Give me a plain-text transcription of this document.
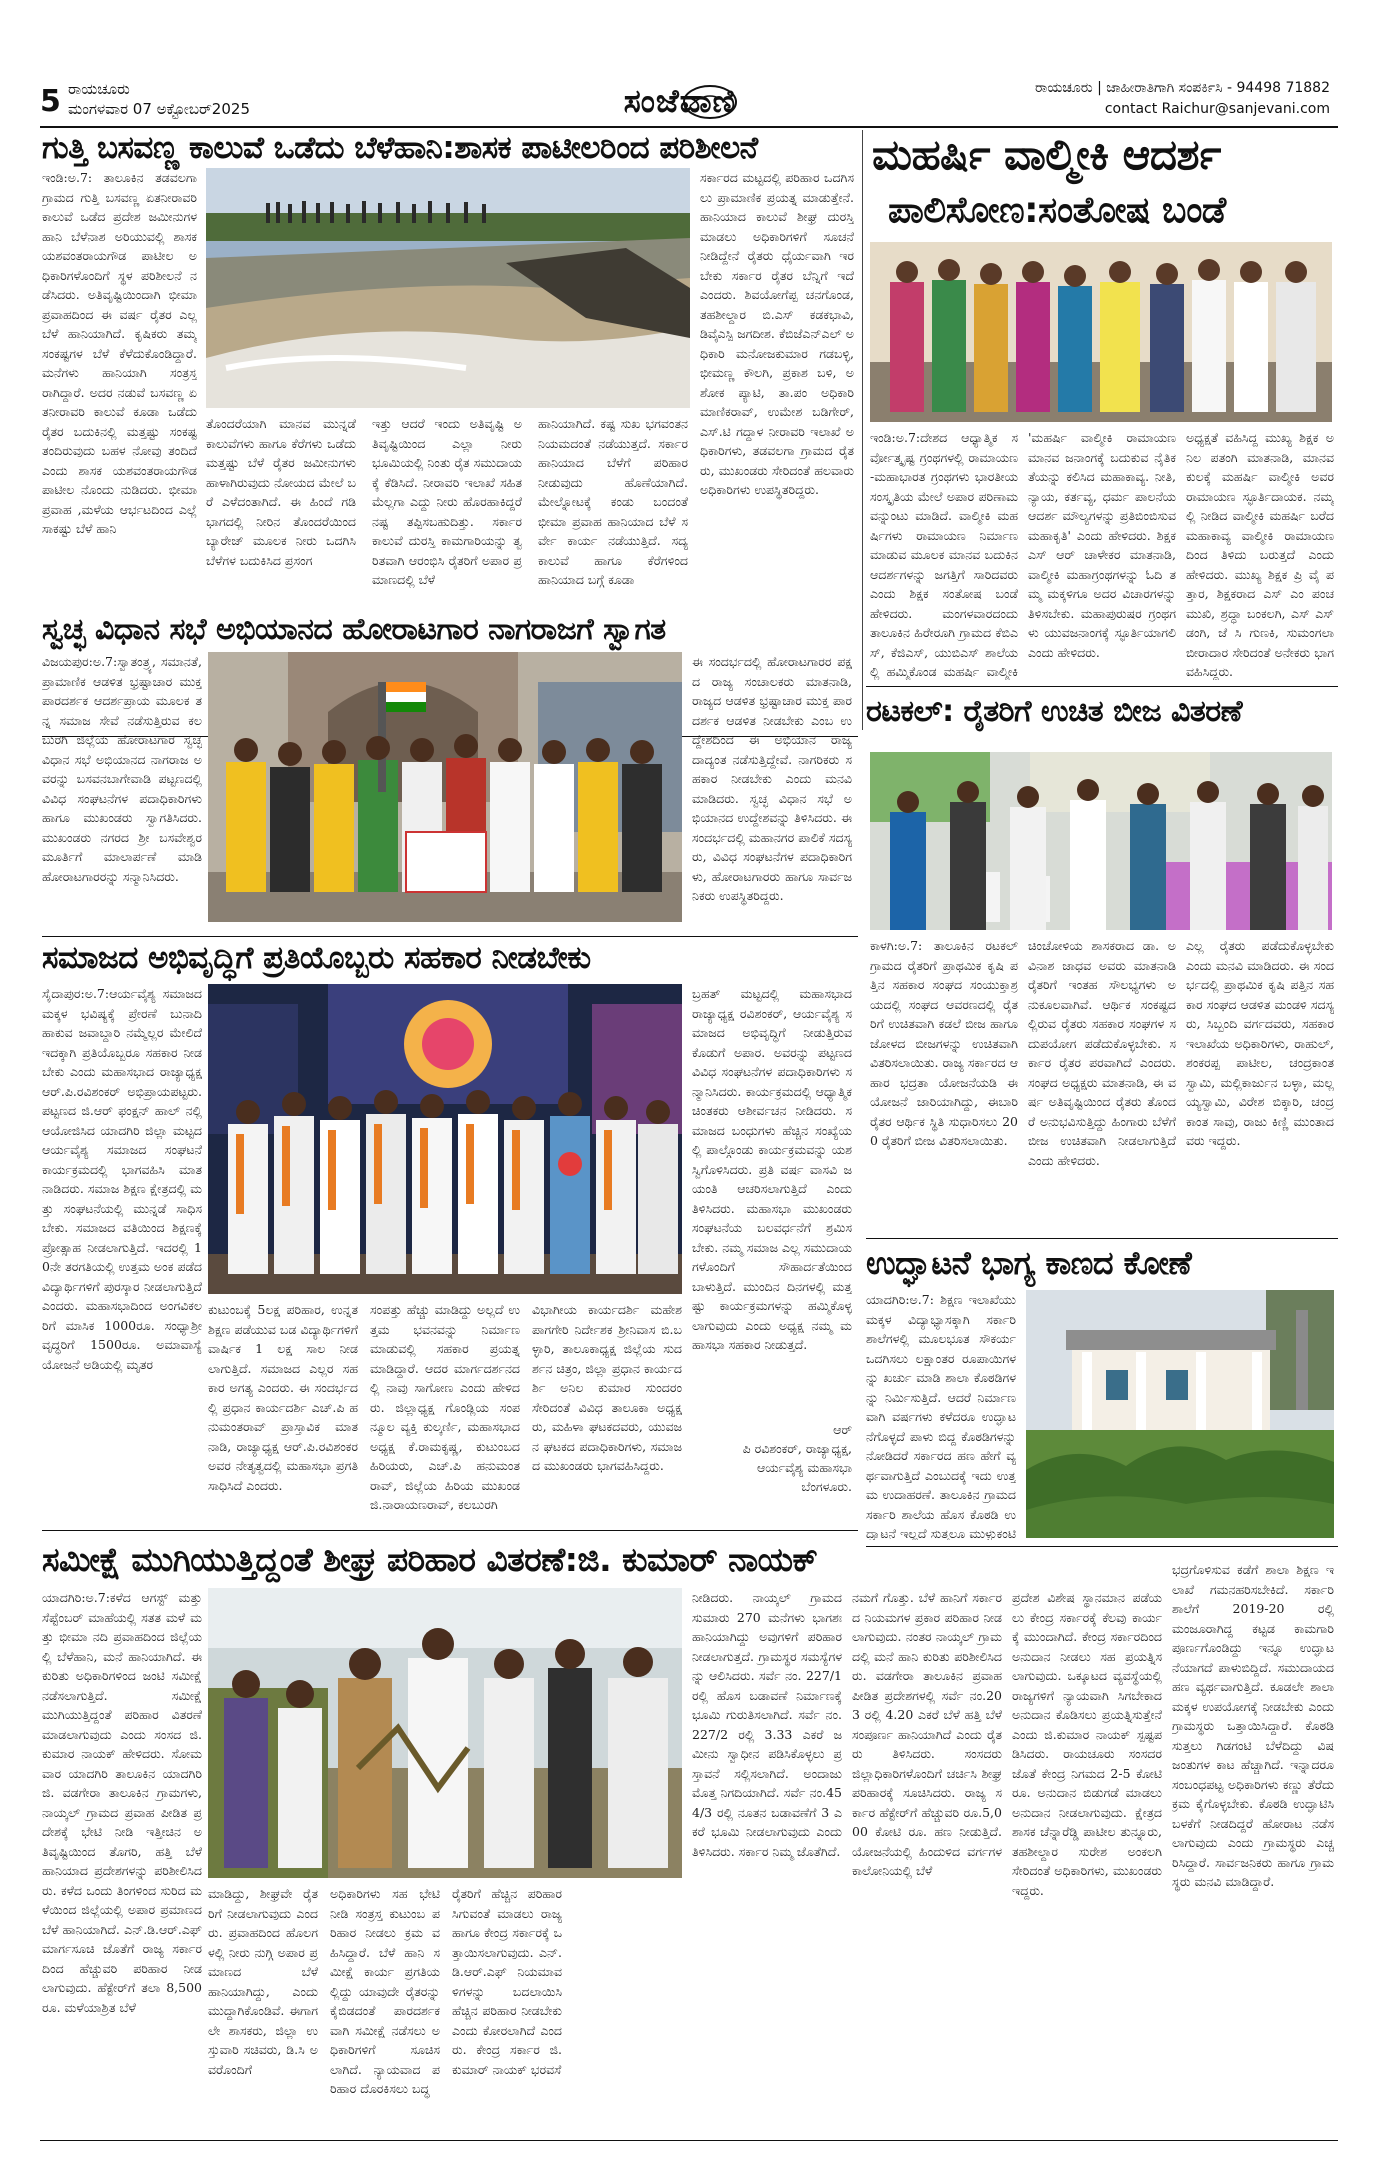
5 ರಾಯಚೂರು
ಮಂಗಳವಾರ 07 ಅಕ್ಟೋಬರ್2025	ಸಂಜೆವಾಣಿ	ರಾಯಚೂರು | ಜಾಹೀರಾತಿಗಾಗಿ ಸಂಪರ್ಕಿಸಿ - 94498 71882
contact Raichur@sanjevani.com
ಗುತ್ತಿ ಬಸವಣ್ಣ ಕಾಲುವೆ ಒಡೆದು ಬೆಳೆಹಾನಿ:ಶಾಸಕ ಪಾಟೀಲರಿಂದ ಪರಿಶೀಲನೆ
ಇಂಡಿ:ಅ.7: ತಾಲೂಕಿನ ತಡವಲಗಾ ಗ್ರಾಮದ ಗುತ್ತಿ ಬಸವಣ್ಣ ಏತನೀರಾವರಿ ಕಾಲುವೆ ಒಡೆದ ಪ್ರದೇಶ ಜಮೀನುಗಳ ಹಾನಿ ಬೆಳೆನಾಶ ಅರಿಯುವಲ್ಲಿ ಶಾಸಕ ಯಶವಂತರಾಯಗೌಡ ಪಾಟೀಲ ಅಧಿಕಾರಿಗಳೊಂದಿಗೆ ಸ್ಥಳ ಪರಿಶೀಲನೆ ನಡೆಸಿದರು. ಅತಿವೃಷ್ಟಿಯಿಂದಾಗಿ ಭೀಮಾ ಪ್ರವಾಹದಿಂದ ಈ ವರ್ಷ ರೈತರ ಎಲ್ಲ ಬೆಳೆ ಹಾನಿಯಾಗಿದೆ. ಕೃಷಿಕರು ತಮ್ಮ ಸಂಕಷ್ಟಗಳ ಬೆಳೆ ಕೆಳೆದುಕೊಂಡಿದ್ದಾರೆ. ಮನೆಗಳು ಹಾನಿಯಾಗಿ ಸಂತ್ರಸ್ತರಾಗಿದ್ದಾರೆ. ಅದರ ನಡುವೆ ಬಸವಣ್ಣ ಏತನೀರಾವರಿ ಕಾಲುವೆ ಕೂಡಾ ಒಡೆದು ರೈತರ ಬದುಕಿನಲ್ಲಿ ಮತ್ತಷ್ಟು ಸಂಕಷ್ಟ ತಂದಿರುವುದು ಬಹಳ ನೋವು ತಂದಿದೆ ಎಂದು ಶಾಸಕ ಯಶವಂತರಾಯಗೌಡ ಪಾಟೀಲ ನೊಂದು ನುಡಿದರು. ಭೀಮಾ ಪ್ರವಾಹ ,ಮಳೆಯ ಆರ್ಭಟದಿಂದ ಎಲ್ಲೆ ಸಾಕಷ್ಟು ಬೆಳೆ ಹಾನಿ
ತೊಂದರೆಯಾಗಿ ಮಾನವ ಮುನ್ನಡೆ ಕಾಲುವೆಗಳು ಹಾಗೂ ಕೆರೆಗಳು ಒಡೆದು ಮತ್ತಷ್ಟು ಬೆಳೆ ರೈತರ ಜಮೀನುಗಳು ಹಾಳಾಗಿರುವುದು ನೋಯದ ಮೇಲೆ ಬರೆ ಎಳೆದಂತಾಗಿದೆ. ಈ ಹಿಂದೆ ಗಡಿ ಭಾಗದಲ್ಲಿ ನೀರಿನ ತೊಂದರೆಯಿಂದ ಬ್ಯಾರೇಜ್ ಮೂಲಕ ನೀರು ಒದಗಿಸಿ ಬೆಳೆಗಳ ಬದುಕಿಸಿದ ಪ್ರಸಂಗ
ಇತ್ತು ಆದರೆ ಇಂದು ಅತಿವೃಷ್ಟಿ ಅತಿವೃಷ್ಟಿಯಿಂದ ಎಲ್ಲಾ ನೀರು ಭೂಮಿಯಲ್ಲಿ ನಿಂತು ರೈತ ಸಮುದಾಯಕ್ಕೆ ಕೆಡಿಸಿದೆ. ನೀರಾವರಿ ಇಲಾಖೆ ಸಹಿತ ಮೆಲ್ಲಗಾ ಎದ್ದು ನೀರು ಹೊರಹಾಕಿದ್ದರೆ ನಷ್ಟ ತಪ್ಪಿಸಬಹುದಿತ್ತು. ಸರ್ಕಾರ ಕಾಲುವೆ ದುರಸ್ತಿ ಕಾಮಗಾರಿಯನ್ನು ತ್ವರಿತವಾಗಿ ಆರಂಭಿಸಿ ರೈತರಿಗೆ ಅಪಾರ ಪ್ರಮಾಣದಲ್ಲಿ ಬೆಳೆ
ಹಾನಿಯಾಗಿದೆ. ಕಷ್ಟ ಸುಖ ಭಗವಂತನ ನಿಯಮದಂತೆ ನಡೆಯುತ್ತದೆ. ಸರ್ಕಾರ ಹಾನಿಯಾದ ಬೆಳೆಗೆ ಪರಿಹಾರ ನೀಡುವುದು ಹೊಣೆಯಾಗಿದೆ. ಮೇಲ್ನೋಟಕ್ಕೆ ಕಂಡು ಬಂದಂತೆ ಭೀಮಾ ಪ್ರವಾಹ ಹಾನಿಯಾದ ಬೆಳೆ ಸರ್ವೇ ಕಾರ್ಯ ನಡೆಯುತ್ತಿದೆ. ಸದ್ಯ ಕಾಲುವೆ ಹಾಗೂ ಕೆರೆಗಳಿಂದ ಹಾನಿಯಾದ ಬಗ್ಗೆ ಕೂಡಾ
ಸರ್ಕಾರದ ಮಟ್ಟದಲ್ಲಿ ಪರಿಹಾರ ಒದಗಿಸಲು ಪ್ರಾಮಾಣಿಕ ಪ್ರಯತ್ನ ಮಾಡುತ್ತೇನೆ. ಹಾನಿಯಾದ ಕಾಲುವೆ ಶೀಘ್ರ ದುರಸ್ತಿ ಮಾಡಲು ಅಧಿಕಾರಿಗಳಿಗೆ ಸೂಚನೆ ನೀಡಿದ್ದೇನೆ ರೈತರು ಧೈರ್ಯವಾಗಿ ಇರಬೇಕು ಸರ್ಕಾರ ರೈತರ ಬೆನ್ನಿಗೆ ಇದೆ ಎಂದರು. ಶಿವಯೋಗೆಪ್ಪ ಚನಗೊಂಡ, ತಹಶೀಲ್ದಾರ ಬಿ.ಎಸ್ ಕಡಕಭಾವಿ, ಡಿವೈಎಸ್ಪಿ ಜಗದೀಶ. ಕೆಬಿಜೆಎನ್ಎಲ್ ಅಧಿಕಾರಿ ಮನೋಜಕುಮಾರ ಗಡಬಳ್ಳಿ, ಭೀಮಣ್ಣ ಕೌಲಗಿ, ಪ್ರಕಾಶ ಬಳಿ, ಅಶೋಕ ಪ್ಯಾಟಿ, ತಾ.ಪಂ ಅಧಿಕಾರಿ ಮಾಣಿಕರಾವ್, ಉಮೇಶ ಬಡಿಗೇರ್, ಎಸ್.ಟಿ ಗದ್ದಾಳ ನೀರಾವರಿ ಇಲಾಖೆ ಅಧಿಕಾರಿಗಳು, ತಡವಲಗಾ ಗ್ರಾಮದ ರೈತರು, ಮುಖಂಡರು ಸೇರಿದಂತೆ ಹಲವಾರು ಅಧಿಕಾರಿಗಳು ಉಪಸ್ಥಿತರಿದ್ದರು.
ಮಹರ್ಷಿ ವಾಲ್ಮೀಕಿ ಆದರ್ಶ
ಪಾಲಿಸೋಣ:ಸಂತೋಷ ಬಂಡೆ
ಇಂಡಿ:ಅ.7:ದೇಶದ ಆಧ್ಯಾತ್ಮಿಕ ಸರ್ವೋತ್ಕೃಷ್ಟ ಗ್ರಂಥಗಳಲ್ಲಿ ರಾಮಾಯಣ-ಮಹಾಭಾರತ ಗ್ರಂಥಗಳು ಭಾರತೀಯ ಸಂಸ್ಕೃತಿಯ ಮೇಲೆ ಅಪಾರ ಪರಿಣಾಮವನ್ನುಂಟು ಮಾಡಿದೆ. ವಾಲ್ಮೀಕಿ ಮಹರ್ಷಿಗಳು ರಾಮಾಯಣ ನಿರ್ಮಾಣ ಮಾಡುವ ಮೂಲಕ ಮಾನವ ಬದುಕಿನ ಆದರ್ಶಗಳನ್ನು ಜಗತ್ತಿಗೆ ಸಾರಿದವರು ಎಂದು ಶಿಕ್ಷಕ ಸಂತೋಷ ಬಂಡೆ ಹೇಳಿದರು. ಮಂಗಳವಾರದಂದು ತಾಲೂಕಿನ ಹಿರೇರೂಗಿ ಗ್ರಾಮದ ಕೆಬಿಎಸ್, ಕೆಜಿಎಸ್, ಯುಬಿಎಸ್ ಶಾಲೆಯಲ್ಲಿ ಹಮ್ಮಿಕೊಂಡ ಮಹರ್ಷಿ ವಾಲ್ಮೀಕಿ
'ಮಹರ್ಷಿ ವಾಲ್ಮೀಕಿ ರಾಮಾಯಣ ಮಾನವ ಜನಾಂಗಕ್ಕೆ ಬದುಕುವ ನೈತಿಕತೆಯನ್ನು ಕಲಿಸಿದ ಮಹಾಕಾವ್ಯ. ನೀತಿ, ನ್ಯಾಯ, ಕರ್ತವ್ಯ, ಧರ್ಮ ಪಾಲನೆಯ ಆದರ್ಶ ಮೌಲ್ಯಗಳನ್ನು ಪ್ರತಿಬಿಂಬಿಸುವ ಮಹಾಕೃತಿ' ಎಂದು ಹೇಳಿದರು. ಶಿಕ್ಷಕ ಎಸ್ ಆರ್ ಚಾಳೇಕರ ಮಾತನಾಡಿ, ವಾಲ್ಮೀಕಿ ಮಹಾಗ್ರಂಥಗಳನ್ನು ಓದಿ ತಮ್ಮ ಮಕ್ಕಳಿಗೂ ಅದರ ವಿಚಾರಗಳನ್ನು ತಿಳಿಸಬೇಕು. ಮಹಾಪುರುಷರ ಗ್ರಂಥಗಳು ಯುವಜನಾಂಗಕ್ಕೆ ಸ್ಫೂರ್ತಿಯಾಗಲಿ ಎಂದು ಹೇಳಿದರು.
ಅಧ್ಯಕ್ಷತೆ ವಹಿಸಿದ್ದ ಮುಖ್ಯ ಶಿಕ್ಷಕ ಅನಿಲ ಪತಂಗಿ ಮಾತನಾಡಿ, ಮಾನವ ಕುಲಕ್ಕೆ ಮಹರ್ಷಿ ವಾಲ್ಮೀಕಿ ಅವರ ರಾಮಾಯಣ ಸ್ಫೂರ್ತಿದಾಯಕ. ನಮ್ಮಲ್ಲಿ ನೀಡಿದ ವಾಲ್ಮೀಕಿ ಮಹರ್ಷಿ ಬರೆದ ಮಹಾಕಾವ್ಯ ವಾಲ್ಮೀಕಿ ರಾಮಾಯಣದಿಂದ ತಿಳಿದು ಬರುತ್ತದೆ ಎಂದು ಹೇಳಿದರು. ಮುಖ್ಯ ಶಿಕ್ಷಕ ಪ್ರಿ ವೈ ಪತ್ತಾರ, ಶಿಕ್ಷಕರಾದ ಎಸ್ ಎಂ ಪಂಚಮುಖಿ, ಶ್ರದ್ಧಾ ಬಂಕಲಗಿ, ಎಸ್ ಎಸ್ ಡಂಗಿ, ಜೆ ಸಿ ಗುಣಕಿ, ಸುಮಂಗಲಾ ಬೀರಾದಾರ ಸೇರಿದಂತೆ ಅನೇಕರು ಭಾಗವಹಿಸಿದ್ದರು.
ಸ್ವಚ್ಛ ವಿಧಾನ ಸಭೆ ಅಭಿಯಾನದ ಹೋರಾಟಗಾರ ನಾಗರಾಜಗೆ ಸ್ವಾಗತ
ವಿಜಯಪುರ:ಅ.7:ಸ್ವಾತಂತ್ರ್ಯ, ಸಮಾನತೆ, ಪ್ರಾಮಾಣಿಕ ಆಡಳಿತ ಭ್ರಷ್ಟಾಚಾರ ಮುಕ್ತ ಪಾರದರ್ಶಕ ಆದರ್ಶಪ್ರಾಯ ಮೂಲಕ ತನ್ನ ಸಮಾಜ ಸೇವೆ ನಡೆಸುತ್ತಿರುವ ಕಲಬುರಗಿ ಜಿಲ್ಲೆಯ ಹೋರಾಟಗಾರ ಸ್ವಚ್ಛ ವಿಧಾನ ಸಭೆ ಅಭಿಯಾನದ ನಾಗರಾಜ ಅವರನ್ನು ಬಸವನಬಾಗೇವಾಡಿ ಪಟ್ಟಣದಲ್ಲಿ ವಿವಿಧ ಸಂಘಟನೆಗಳ ಪದಾಧಿಕಾರಿಗಳು ಹಾಗೂ ಮುಖಂಡರು ಸ್ವಾಗತಿಸಿದರು. ಮುಖಂಡರು ನಗರದ ಶ್ರೀ ಬಸವೇಶ್ವರ ಮೂರ್ತಿಗೆ ಮಾಲಾರ್ಪಣೆ ಮಾಡಿ ಹೋರಾಟಗಾರರನ್ನು ಸನ್ಮಾನಿಸಿದರು.
ಈ ಸಂದರ್ಭದಲ್ಲಿ ಹೋರಾಟಗಾರರ ಪಕ್ಷದ ರಾಜ್ಯ ಸಂಚಾಲಕರು ಮಾತನಾಡಿ, ರಾಜ್ಯದ ಆಡಳಿತ ಭ್ರಷ್ಟಾಚಾರ ಮುಕ್ತ ಪಾರದರ್ಶಕ ಆಡಳಿತ ನೀಡಬೇಕು ಎಂಬ ಉದ್ದೇಶದಿಂದ ಈ ಅಭಿಯಾನ ರಾಜ್ಯದಾದ್ಯಂತ ನಡೆಸುತ್ತಿದ್ದೇವೆ. ನಾಗರಿಕರು ಸಹಕಾರ ನೀಡಬೇಕು ಎಂದು ಮನವಿ ಮಾಡಿದರು. ಸ್ವಚ್ಛ ವಿಧಾನ ಸಭೆ ಅಭಿಯಾನದ ಉದ್ದೇಶವನ್ನು ತಿಳಿಸಿದರು. ಈ ಸಂದರ್ಭದಲ್ಲಿ ಮಹಾನಗರ ಪಾಲಿಕೆ ಸದಸ್ಯರು, ವಿವಿಧ ಸಂಘಟನೆಗಳ ಪದಾಧಿಕಾರಿಗಳು, ಹೋರಾಟಗಾರರು ಹಾಗೂ ಸಾರ್ವಜನಿಕರು ಉಪಸ್ಥಿತರಿದ್ದರು.
ರಟಕಲ್: ರೈತರಿಗೆ ಉಚಿತ ಬೀಜ ವಿತರಣೆ
ಕಾಳಗಿ:ಅ.7: ತಾಲೂಕಿನ ರಟಕಲ್ ಗ್ರಾಮದ ರೈತರಿಗೆ ಪ್ರಾಥಮಿಕ ಕೃಷಿ ಪತ್ತಿನ ಸಹಕಾರ ಸಂಘದ ಸಂಯುಕ್ತಾಶ್ರಯದಲ್ಲಿ ಸಂಘದ ಆವರಣದಲ್ಲಿ ರೈತರಿಗೆ ಉಚಿತವಾಗಿ ಕಡಲೆ ಬೀಜ ಹಾಗೂ ಜೋಳದ ಬೀಜಗಳನ್ನು ಉಚಿತವಾಗಿ ವಿತರಿಸಲಾಯಿತು. ರಾಜ್ಯ ಸರ್ಕಾರದ ಆಹಾರ ಭದ್ರತಾ ಯೋಜನೆಯಡಿ ಈ ಯೋಜನೆ ಜಾರಿಯಾಗಿದ್ದು, ಈಬಾರಿ ರೈತರ ಆರ್ಥಿಕ ಸ್ಥಿತಿ ಸುಧಾರಿಸಲು 200 ರೈತರಿಗೆ ಬೀಜ ವಿತರಿಸಲಾಯಿತು.
ಚಿಂಚೋಳಿಯ ಶಾಸಕರಾದ ಡಾ. ಅವಿನಾಶ ಜಾಧವ ಅವರು ಮಾತನಾಡಿ ರೈತರಿಗೆ ಇಂತಹ ಸೌಲಭ್ಯಗಳು ಅನುಕೂಲವಾಗಿವೆ. ಆರ್ಥಿಕ ಸಂಕಷ್ಟದಲ್ಲಿರುವ ರೈತರು ಸಹಕಾರ ಸಂಘಗಳ ಸದುಪಯೋಗ ಪಡೆದುಕೊಳ್ಳಬೇಕು. ಸರ್ಕಾರ ರೈತರ ಪರವಾಗಿದೆ ಎಂದರು. ಸಂಘದ ಅಧ್ಯಕ್ಷರು ಮಾತನಾಡಿ, ಈ ವರ್ಷ ಅತಿವೃಷ್ಟಿಯಿಂದ ರೈತರು ತೊಂದರೆ ಅನುಭವಿಸುತ್ತಿದ್ದು ಹಿಂಗಾರು ಬೆಳೆಗೆ ಬೀಜ ಉಚಿತವಾಗಿ ನೀಡಲಾಗುತ್ತಿದೆ ಎಂದು ಹೇಳಿದರು.
ಎಲ್ಲ ರೈತರು ಪಡೆದುಕೊಳ್ಳಬೇಕು ಎಂದು ಮನವಿ ಮಾಡಿದರು. ಈ ಸಂದರ್ಭದಲ್ಲಿ ಪ್ರಾಥಮಿಕ ಕೃಷಿ ಪತ್ತಿನ ಸಹಕಾರ ಸಂಘದ ಆಡಳಿತ ಮಂಡಳಿ ಸದಸ್ಯರು, ಸಿಬ್ಬಂದಿ ವರ್ಗದವರು, ಸಹಕಾರ ಇಲಾಖೆಯ ಅಧಿಕಾರಿಗಳು, ರಾಹುಲ್, ಶಂಕರಪ್ಪ ಪಾಟೀಲ, ಚಂದ್ರಕಾಂತ ಸ್ವಾಮಿ, ಮಲ್ಲಿಕಾರ್ಜುನ ಬಳ್ಳಾ, ಮಲ್ಲಯ್ಯಸ್ವಾಮಿ, ವಿರೇಶ ಬಿಕ್ಕಾರಿ, ಚಂದ್ರಕಾಂತ ಸಾವು, ರಾಜು ಕಿಣ್ಣಿ ಮುಂತಾದವರು ಇದ್ದರು.
ಸಮಾಜದ ಅಭಿವೃದ್ಧಿಗೆ ಪ್ರತಿಯೊಬ್ಬರು ಸಹಕಾರ ನೀಡಬೇಕು
ಸೈದಾಪುರ:ಅ.7:ಆರ್ಯವೈಶ್ಯ ಸಮಾಜದ ಮಕ್ಕಳ ಭವಿಷ್ಯಕ್ಕೆ ಪ್ರೇರಣೆ ಬುನಾದಿ ಹಾಕುವ ಜವಾಬ್ದಾರಿ ನಮ್ಮೆಲ್ಲರ ಮೇಲಿದೆ ಇದಕ್ಕಾಗಿ ಪ್ರತಿಯೊಬ್ಬರೂ ಸಹಕಾರ ನೀಡಬೇಕು ಎಂದು ಮಹಾಸಭಾದ ರಾಜ್ಯಾಧ್ಯಕ್ಷ ಆರ್.ಪಿ.ರವಿಶಂಕರ್ ಅಭಿಪ್ರಾಯಪಟ್ಟರು. ಪಟ್ಟಣದ ಜಿ.ಆರ್ ಫಂಕ್ಷನ್ ಹಾಲ್ ನಲ್ಲಿ ಆಯೋಜಿಸಿದ ಯಾದಗಿರಿ ಜಿಲ್ಲಾ ಮಟ್ಟದ ಆರ್ಯವೈಶ್ಯ ಸಮಾಜದ ಸಂಘಟನೆ ಕಾರ್ಯಕ್ರಮದಲ್ಲಿ ಭಾಗವಹಿಸಿ ಮಾತನಾಡಿದರು. ಸಮಾಜ ಶಿಕ್ಷಣ ಕ್ಷೇತ್ರದಲ್ಲಿ ಮತ್ತು ಸಂಘಟನೆಯಲ್ಲಿ ಮುನ್ನಡೆ ಸಾಧಿಸಬೇಕು. ಸಮಾಜದ ವತಿಯಿಂದ ಶಿಕ್ಷಣಕ್ಕೆ ಪ್ರೋತ್ಸಾಹ ನೀಡಲಾಗುತ್ತಿದೆ. ಇದರಲ್ಲಿ 10ನೇ ತರಗತಿಯಲ್ಲಿ ಉತ್ತಮ ಅಂಕ ಪಡೆದ ವಿದ್ಯಾರ್ಥಿಗಳಿಗೆ ಪುರಸ್ಕಾರ ನೀಡಲಾಗುತ್ತಿದೆ ಎಂದರು. ಮಹಾಸಭಾದಿಂದ ಅಂಗವಿಕಲರಿಗೆ ಮಾಸಿಕ 1000ರೂ. ಸಂಧ್ಯಾಶ್ರೀ ವೃದ್ಧರಿಗೆ 1500ರೂ. ಅಮಾವಾಸ್ಯೆ ಯೋಜನೆ ಅಡಿಯಲ್ಲಿ ಮೃತರ
ಕುಟುಂಬಕ್ಕೆ 5ಲಕ್ಷ ಪರಿಹಾರ, ಉನ್ನತ ಶಿಕ್ಷಣ ಪಡೆಯುವ ಬಡ ವಿದ್ಯಾರ್ಥಿಗಳಿಗೆ ವಾರ್ಷಿಕ 1 ಲಕ್ಷ ಸಾಲ ನೀಡಲಾಗುತ್ತಿದೆ. ಸಮಾಜದ ಎಲ್ಲರ ಸಹಕಾರ ಅಗತ್ಯ ಎಂದರು. ಈ ಸಂದರ್ಭದಲ್ಲಿ ಪ್ರಧಾನ ಕಾರ್ಯದರ್ಶಿ ಎಚ್.ಪಿ ಹನುಮಂತರಾವ್ ಪ್ರಾಸ್ತಾವಿಕ ಮಾತನಾಡಿ, ರಾಜ್ಯಾಧ್ಯಕ್ಷ ಆರ್.ಪಿ.ರವಿಶಂಕರ ಅವರ ನೇತೃತ್ವದಲ್ಲಿ ಮಹಾಸಭಾ ಪ್ರಗತಿ ಸಾಧಿಸಿದೆ ಎಂದರು.
ಸಂಪತ್ತು ಹೆಚ್ಚು ಮಾಡಿದ್ದು ಅಲ್ಲದೆ ಉತ್ತಮ ಭವನವನ್ನು ನಿರ್ಮಾಣ ಮಾಡುವಲ್ಲಿ ಸಹಕಾರ ಪ್ರಯತ್ನ ಮಾಡಿದ್ದಾರೆ. ಆದರ ಮಾರ್ಗದರ್ಶನದಲ್ಲಿ ನಾವು ಸಾಗೋಣ ಎಂದು ಹೇಳಿದರು. ಜಿಲ್ಲಾಧ್ಯಕ್ಷ ಗೊಂಡ್ಲಿಯ ಸಂಪನ್ಮೂಲ ವ್ಯಕ್ತಿ ಕುಲ್ಕರ್ಣಿ, ಮಹಾಸಭಾದ ಅಧ್ಯಕ್ಷ ಕೆ.ರಾಮಕೃಷ್ಣ, ಕುಟುಂಬದ ಹಿರಿಯರು, ಎಚ್.ಪಿ ಹನುಮಂತರಾವ್, ಜಿಲ್ಲೆಯ ಹಿರಿಯ ಮುಖಂಡ ಜಿ.ನಾರಾಯಣರಾವ್, ಕಲಬುರಗಿ
ವಿಭಾಗೀಯ ಕಾರ್ಯದರ್ಶಿ ಮಹೇಶ ಪಾಗಗೇರಿ ನಿರ್ದೇಶಕ ಶ್ರೀನಿವಾಸ ಬಿ.ಬಳ್ಳಾರಿ, ತಾಲೂಕಾಧ್ಯಕ್ಷ ಜಿಲ್ಲೆಯ ಸುದರ್ಶನ ಚಿತ್ರಂ, ಜಿಲ್ಲಾ ಪ್ರಧಾನ ಕಾರ್ಯದರ್ಶಿ ಅನಿಲ ಕುಮಾರ ಸುಂದರಂ ಸೇರಿದಂತೆ ವಿವಿಧ ತಾಲೂಕಾ ಅಧ್ಯಕ್ಷರು, ಮಹಿಳಾ ಘಟಕದವರು, ಯುವಜನ ಘಟಕದ ಪದಾಧಿಕಾರಿಗಳು, ಸಮಾಜದ ಮುಖಂಡರು ಭಾಗವಹಿಸಿದ್ದರು.
ಬ್ರಹತ್ ಮಟ್ಟದಲ್ಲಿ ಮಹಾಸಭಾದ ರಾಜ್ಯಾಧ್ಯಕ್ಷ ರವಿಶಂಕರ್, ಆರ್ಯವೈಶ್ಯ ಸಮಾಜದ ಅಭಿವೃದ್ಧಿಗೆ ನೀಡುತ್ತಿರುವ ಕೊಡುಗೆ ಅಪಾರ. ಅವರನ್ನು ಪಟ್ಟಣದ ವಿವಿಧ ಸಂಘಟನೆಗಳ ಪದಾಧಿಕಾರಿಗಳು ಸನ್ಮಾನಿಸಿದರು. ಕಾರ್ಯಕ್ರಮದಲ್ಲಿ ಆಧ್ಯಾತ್ಮಿಕ ಚಿಂತಕರು ಆಶೀರ್ವಚನ ನೀಡಿದರು. ಸಮಾಜದ ಬಂಧುಗಳು ಹೆಚ್ಚಿನ ಸಂಖ್ಯೆಯಲ್ಲಿ ಪಾಲ್ಗೊಂಡು ಕಾರ್ಯಕ್ರಮವನ್ನು ಯಶಸ್ವಿಗೊಳಿಸಿದರು. ಪ್ರತಿ ವರ್ಷ ವಾಸವಿ ಜಯಂತಿ ಆಚರಿಸಲಾಗುತ್ತಿದೆ ಎಂದು ತಿಳಿಸಿದರು. ಮಹಾಸಭಾ ಮುಖಂಡರು ಸಂಘಟನೆಯ ಬಲವರ್ಧನೆಗೆ ಶ್ರಮಿಸಬೇಕು. ನಮ್ಮ ಸಮಾಜ ಎಲ್ಲ ಸಮುದಾಯಗಳೊಂದಿಗೆ ಸೌಹಾರ್ದತೆಯಿಂದ ಬಾಳುತ್ತಿದೆ. ಮುಂದಿನ ದಿನಗಳಲ್ಲಿ ಮತ್ತಷ್ಟು ಕಾರ್ಯಕ್ರಮಗಳನ್ನು ಹಮ್ಮಿಕೊಳ್ಳಲಾಗುವುದು ಎಂದು ಅಧ್ಯಕ್ಷ ನಮ್ಮ ಮಹಾಸಭಾ ಸಹಕಾರ ನೀಡುತ್ತದೆ.
ಆರ್
ಪಿ ರವಿಶಂಕರ್, ರಾಜ್ಯಾಧ್ಯಕ್ಷ,
ಆರ್ಯವೈಶ್ಯ ಮಹಾಸಭಾ
ಬೆಂಗಳೂರು.
ಉದ್ಘಾಟನೆ ಭಾಗ್ಯ ಕಾಣದ ಕೋಣೆ
ಯಾದಗಿರಿ:ಅ.7: ಶಿಕ್ಷಣ ಇಲಾಖೆಯು ಮಕ್ಕಳ ವಿದ್ಯಾಭ್ಯಾಸಕ್ಕಾಗಿ ಸರ್ಕಾರಿ ಶಾಲೆಗಳಲ್ಲಿ ಮೂಲಭೂತ ಸೌಕರ್ಯ ಒದಗಿಸಲು ಲಕ್ಷಾಂತರ ರೂಪಾಯಿಗಳನ್ನು ಖರ್ಚು ಮಾಡಿ ಶಾಲಾ ಕೊಠಡಿಗಳನ್ನು ನಿರ್ಮಿಸುತ್ತಿದೆ. ಆದರೆ ನಿರ್ಮಾಣವಾಗಿ ವರ್ಷಗಳು ಕಳೆದರೂ ಉದ್ಘಾಟನೆಗೊಳ್ಳದೆ ಪಾಳು ಬಿದ್ದ ಕೊಠಡಿಗಳನ್ನು ನೋಡಿದರೆ ಸರ್ಕಾರದ ಹಣ ಹೇಗೆ ವ್ಯರ್ಥವಾಗುತ್ತಿದೆ ಎಂಬುದಕ್ಕೆ ಇದು ಉತ್ತಮ ಉದಾಹರಣೆ. ತಾಲೂಕಿನ ಗ್ರಾಮದ ಸರ್ಕಾರಿ ಶಾಲೆಯ ಹೊಸ ಕೊಠಡಿ ಉದ್ಘಾಟನೆ ಇಲ್ಲದೆ ಸುತ್ತಲೂ ಮುಳ್ಳುಕಂಟಿ
ಸಮೀಕ್ಷೆ ಮುಗಿಯುತ್ತಿದ್ದಂತೆ ಶೀಘ್ರ ಪರಿಹಾರ ವಿತರಣೆ:ಜಿ. ಕುಮಾರ್ ನಾಯಕ್
ಯಾದಗಿರಿ:ಅ.7:ಕಳೆದ ಆಗಸ್ಟ್ ಮತ್ತು ಸೆಪ್ಟೆಂಬರ್ ಮಾಹೆಯಲ್ಲಿ ಸತತ ಮಳೆ ಮತ್ತು ಭೀಮಾ ನದಿ ಪ್ರವಾಹದಿಂದ ಜಿಲ್ಲೆಯಲ್ಲಿ ಬೆಳೆಹಾನಿ, ಮನೆ ಹಾನಿಯಾಗಿದೆ. ಈ ಕುರಿತು ಅಧಿಕಾರಿಗಳಿಂದ ಜಂಟಿ ಸಮೀಕ್ಷೆ ನಡೆಸಲಾಗುತ್ತಿದೆ. ಸಮೀಕ್ಷೆ ಮುಗಿಯುತ್ತಿದ್ದಂತೆ ಪರಿಹಾರ ವಿತರಣೆ ಮಾಡಲಾಗುವುದು ಎಂದು ಸಂಸದ ಜಿ.ಕುಮಾರ ನಾಯಕ್ ಹೇಳಿದರು. ಸೋಮವಾರ ಯಾದಗಿರಿ ತಾಲೂಕಿನ ಯಾದಗಿರಿ ಜಿ. ವಡಗೇರಾ ತಾಲೂಕಿನ ಗ್ರಾಮಗಳು, ನಾಯ್ಕಲ್ ಗ್ರಾಮದ ಪ್ರವಾಹ ಪೀಡಿತ ಪ್ರದೇಶಕ್ಕೆ ಭೇಟಿ ನೀಡಿ ಇತ್ತೀಚಿನ ಅತಿವೃಷ್ಟಿಯಿಂದ ತೊಗರಿ, ಹತ್ತಿ ಬೆಳೆ ಹಾನಿಯಾದ ಪ್ರದೇಶಗಳನ್ನು ಪರಿಶೀಲಿಸಿದರು. ಕಳೆದ ಒಂದು ತಿಂಗಳಿಂದ ಸುರಿದ ಮಳೆಯಿಂದ ಜಿಲ್ಲೆಯಲ್ಲಿ ಅಪಾರ ಪ್ರಮಾಣದ ಬೆಳೆ ಹಾನಿಯಾಗಿದೆ. ಎನ್.ಡಿ.ಆರ್.ಎಫ್ ಮಾರ್ಗಸೂಚಿ ಜೊತೆಗೆ ರಾಜ್ಯ ಸರ್ಕಾರದಿಂದ ಹೆಚ್ಚುವರಿ ಪರಿಹಾರ ನೀಡಲಾಗುವುದು. ಹೆಕ್ಟೇರ್‌ಗೆ ತಲಾ 8,500 ರೂ. ಮಳೆಯಾಶ್ರಿತ ಬೆಳೆ
ಮಾಡಿದ್ದು, ಶೀಘ್ರವೇ ರೈತರಿಗೆ ನೀಡಲಾಗುವುದು ಎಂದರು. ಪ್ರವಾಹದಿಂದ ಹೊಲಗಳಲ್ಲಿ ನೀರು ನುಗ್ಗಿ ಅಪಾರ ಪ್ರಮಾಣದ ಬೆಳೆ ಹಾನಿಯಾಗಿದ್ದು, ಎಂದು ಮುದ್ದಾಗಿಕೊಂಡಿವೆ. ಈಗಾಗಲೇ ಶಾಸಕರು, ಜಿಲ್ಲಾ ಉಸ್ತುವಾರಿ ಸಚಿವರು, ಡಿ.ಸಿ ಅವರೊಂದಿಗೆ
ಅಧಿಕಾರಿಗಳು ಸಹ ಭೇಟಿ ನೀಡಿ ಸಂತ್ರಸ್ತ ಕುಟುಂಬ ಪರಿಹಾರ ನೀಡಲು ಕ್ರಮ ವಹಿಸಿದ್ದಾರೆ. ಬೆಳೆ ಹಾನಿ ಸಮೀಕ್ಷೆ ಕಾರ್ಯ ಪ್ರಗತಿಯಲ್ಲಿದ್ದು ಯಾವುದೇ ರೈತರನ್ನು ಕೈಬಿಡದಂತೆ ಪಾರದರ್ಶಕವಾಗಿ ಸಮೀಕ್ಷೆ ನಡೆಸಲು ಅಧಿಕಾರಿಗಳಿಗೆ ಸೂಚಿಸಲಾಗಿದೆ. ನ್ಯಾಯವಾದ ಪರಿಹಾರ ದೊರಕಿಸಲು ಬದ್ಧ
ರೈತರಿಗೆ ಹೆಚ್ಚಿನ ಪರಿಹಾರ ಸಿಗುವಂತೆ ಮಾಡಲು ರಾಜ್ಯ ಹಾಗೂ ಕೇಂದ್ರ ಸರ್ಕಾರಕ್ಕೆ ಒತ್ತಾಯಿಸಲಾಗುವುದು. ಎನ್.ಡಿ.ಆರ್.ಎಫ್ ನಿಯಮಾವಳಿಗಳನ್ನು ಬದಲಾಯಿಸಿ ಹೆಚ್ಚಿನ ಪರಿಹಾರ ನೀಡಬೇಕು ಎಂದು ಕೋರಲಾಗಿದೆ ಎಂದರು. ಕೇಂದ್ರ ಸರ್ಕಾರ ಜಿ. ಕುಮಾರ್ ನಾಯಕ್ ಭರವಸೆ
ನೀಡಿದರು. ನಾಯ್ಕಲ್ ಗ್ರಾಮದ ಸುಮಾರು 270 ಮನೆಗಳು ಭಾಗಶಃ ಹಾನಿಯಾಗಿದ್ದು ಅವುಗಳಿಗೆ ಪರಿಹಾರ ನೀಡಲಾಗುತ್ತದೆ. ಗ್ರಾಮಸ್ಥರ ಸಮಸ್ಯೆಗಳನ್ನು ಆಲಿಸಿದರು. ಸರ್ವೆ ನಂ. 227/1 ರಲ್ಲಿ ಹೊಸ ಬಡಾವಣೆ ನಿರ್ಮಾಣಕ್ಕೆ ಭೂಮಿ ಗುರುತಿಸಲಾಗಿದೆ. ಸರ್ವೆ ನಂ.227/2 ರಲ್ಲಿ 3.33 ಎಕರೆ ಜಮೀನು ಸ್ವಾಧೀನ ಪಡಿಸಿಕೊಳ್ಳಲು ಪ್ರಸ್ತಾವನೆ ಸಲ್ಲಿಸಲಾಗಿದೆ. ಅಂದಾಜು ಮೊತ್ತ ನಿಗದಿಯಾಗಿದೆ. ಸರ್ವೆ ನಂ.454/3 ರಲ್ಲಿ ನೂತನ ಬಡಾವಣೆಗೆ 3 ಎಕರೆ ಭೂಮಿ ನೀಡಲಾಗುವುದು ಎಂದು ತಿಳಿಸಿದರು. ಸರ್ಕಾರ ನಿಮ್ಮ ಜೊತೆಗಿದೆ.
ನಮಗೆ ಗೊತ್ತು. ಬೆಳೆ ಹಾನಿಗೆ ಸರ್ಕಾರದ ನಿಯಮಗಳ ಪ್ರಕಾರ ಪರಿಹಾರ ನೀಡಲಾಗುವುದು. ನಂತರ ನಾಯ್ಕಲ್ ಗ್ರಾಮದಲ್ಲಿ ಮನೆ ಹಾನಿ ಕುರಿತು ಪರಿಶೀಲಿಸಿದರು. ವಡಗೇರಾ ತಾಲೂಕಿನ ಪ್ರವಾಹ ಪೀಡಿತ ಪ್ರದೇಶಗಳಲ್ಲಿ ಸರ್ವೆ ನಂ.203 ರಲ್ಲಿ 4.20 ಎಕರೆ ಬೆಳೆ ಹತ್ತಿ ಬೆಳೆ ಸಂಪೂರ್ಣ ಹಾನಿಯಾಗಿದೆ ಎಂದು ರೈತರು ತಿಳಿಸಿದರು. ಸಂಸದರು ಜಿಲ್ಲಾಧಿಕಾರಿಗಳೊಂದಿಗೆ ಚರ್ಚಿಸಿ ಶೀಘ್ರ ಪರಿಹಾರಕ್ಕೆ ಸೂಚಿಸಿದರು. ರಾಜ್ಯ ಸರ್ಕಾರ ಹೆಕ್ಟೇರ್‌ಗೆ ಹೆಚ್ಚುವರಿ ರೂ.5,000 ಕೋಟಿ ರೂ. ಹಣ ನೀಡುತ್ತಿದೆ. ಯೋಜನೆಯಲ್ಲಿ ಹಿಂದುಳಿದ ವರ್ಗಗಳ ಕಾಲೋನಿಯಲ್ಲಿ ಬೆಳೆ
ಪ್ರದೇಶ ವಿಶೇಷ ಸ್ಥಾನಮಾನ ಪಡೆಯಲು ಕೇಂದ್ರ ಸರ್ಕಾರಕ್ಕೆ ಕೆಲವು ಕಾರ್ಯಕ್ಕೆ ಮುಂದಾಗಿದೆ. ಕೇಂದ್ರ ಸರ್ಕಾರದಿಂದ ಅನುದಾನ ನೀಡಲು ಸಹ ಪ್ರಯತ್ನಿಸಲಾಗುವುದು. ಒಕ್ಕೂಟದ ವ್ಯವಸ್ಥೆಯಲ್ಲಿ ರಾಜ್ಯಗಳಿಗೆ ನ್ಯಾಯವಾಗಿ ಸಿಗಬೇಕಾದ ಅನುದಾನ ಕೊಡಿಸಲು ಪ್ರಯತ್ನಿಸುತ್ತೇನೆ ಎಂದು ಜಿ.ಕುಮಾರ ನಾಯಕ್ ಸ್ಪಷ್ಟಪಡಿಸಿದರು. ರಾಯಚೂರು ಸಂಸದರ ಜೊತೆ ಕೇಂದ್ರ ನಿಗಮದ 2-5 ಕೋಟಿ ರೂ. ಅನುದಾನ ಬಿಡುಗಡೆ ಮಾಡಲು ಅನುದಾನ ನೀಡಲಾಗುವುದು. ಕ್ಷೇತ್ರದ ಶಾಸಕ ಚೆನ್ನಾರೆಡ್ಡಿ ಪಾಟೀಲ ತುನ್ನೂರು, ತಹಶೀಲ್ದಾರ ಸುರೇಶ ಅಂಕಲಗಿ ಸೇರಿದಂತೆ ಅಧಿಕಾರಿಗಳು, ಮುಖಂಡರು ಇದ್ದರು.
ಭದ್ರಗೊಳಿಸುವ ಕಡೆಗೆ ಶಾಲಾ ಶಿಕ್ಷಣ ಇಲಾಖೆ ಗಮನಹರಿಸಬೇಕಿದೆ. ಸರ್ಕಾರಿ ಶಾಲೆಗೆ 2019-20 ರಲ್ಲಿ ಮಂಜೂರಾಗಿದ್ದ ಕಟ್ಟಡ ಕಾಮಗಾರಿ ಪೂರ್ಣಗೊಂಡಿದ್ದು ಇನ್ನೂ ಉದ್ಘಾಟನೆಯಾಗದೆ ಪಾಳುಬಿದ್ದಿದೆ. ಸಮುದಾಯದ ಹಣ ವ್ಯರ್ಥವಾಗುತ್ತಿದೆ. ಕೂಡಲೇ ಶಾಲಾ ಮಕ್ಕಳ ಉಪಯೋಗಕ್ಕೆ ನೀಡಬೇಕು ಎಂದು ಗ್ರಾಮಸ್ಥರು ಒತ್ತಾಯಿಸಿದ್ದಾರೆ. ಕೊಠಡಿ ಸುತ್ತಲು ಗಿಡಗಂಟಿ ಬೆಳೆದಿದ್ದು ವಿಷಜಂತುಗಳ ಕಾಟ ಹೆಚ್ಚಾಗಿದೆ. ಇನ್ನಾದರೂ ಸಂಬಂಧಪಟ್ಟ ಅಧಿಕಾರಿಗಳು ಕಣ್ಣು ತೆರೆದು ಕ್ರಮ ಕೈಗೊಳ್ಳಬೇಕು. ಕೊಠಡಿ ಉದ್ಘಾಟಿಸಿ ಬಳಕೆಗೆ ನೀಡದಿದ್ದರೆ ಹೋರಾಟ ನಡೆಸಲಾಗುವುದು ಎಂದು ಗ್ರಾಮಸ್ಥರು ಎಚ್ಚರಿಸಿದ್ದಾರೆ. ಸಾರ್ವಜನಿಕರು ಹಾಗೂ ಗ್ರಾಮಸ್ಥರು ಮನವಿ ಮಾಡಿದ್ದಾರೆ.
